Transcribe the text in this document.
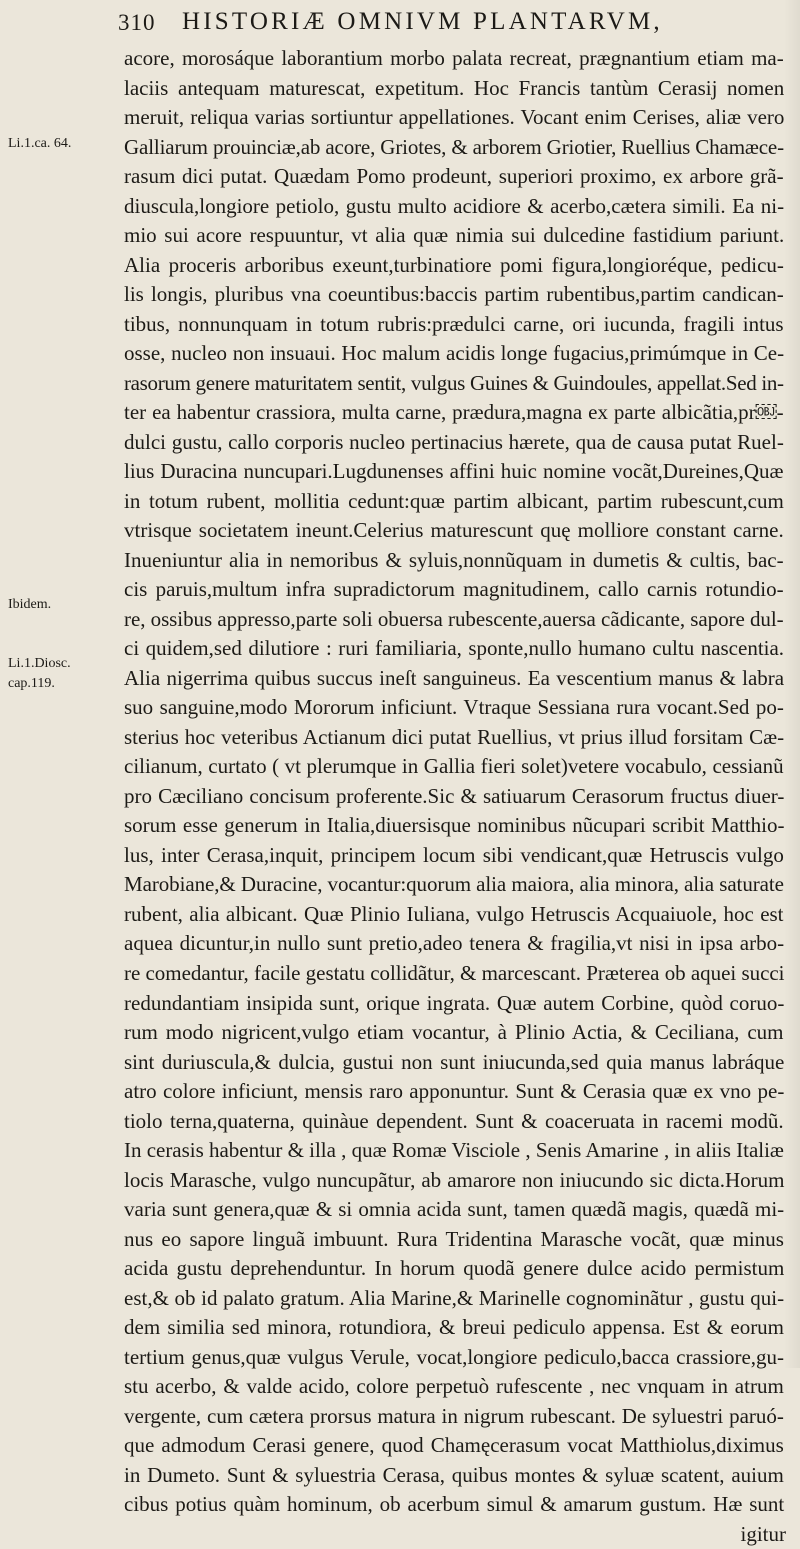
310 HISTORIÆ OMNIVM PLANTARVM,
Li.1.ca. 64.
Ibidem.
Li.1.Diosc.
cap.119.
acore, morosáque laborantium morbo palata recreat, prægnantium etiam ma-
laciis antequam maturescat, expetitum. Hoc Francis tantùm Cerasij nomen
meruit, reliqua varias sortiuntur appellationes. Vocant enim Cerises, aliæ vero
Galliarum prouinciæ,ab acore, Griotes, & arborem Griotier, Ruellius Chamæce-
rasum dici putat. Quædam Pomo prodeunt, superiori proximo, ex arbore grã-
diusculа,longiore petiolo, gustu multo acidiore & acerbo,cætera simili. Ea ni-
mio sui acore respuuntur, vt alia quæ nimia sui dulcedine fastidium pariunt.
Alia proceris arboribus exeunt,turbinatiore pomi figura,longioréque, pedicu-
lis longis, pluribus vna coeuntibus:baccis partim rubentibus,partim candican-
tibus, nonnunquam in totum rubris:prædulci carne, ori iucunda, fragili intus
osse, nucleo non insuaui. Hoc malum acidis longe fugacius,primúmque in Ce-
rasorum genere maturitatem sentit, vulgus Guines & Guindoules, appellat.Sed in-
ter ea habentur crassiora, multa carne, prædura,magna ex parte albicãtia,pr￼-
dulci gustu, callo corporis nucleo pertinacius hærete, qua de causa putat Ruel-
lius Duracina nuncupari.Lugdunenses affini huic nomine vocãt,Dureines,Quæ
in totum rubent, mollitia cedunt:quæ partim albicant, partim rubescunt,cum
vtrisque societatem ineunt.Celerius maturescunt quę molliore constant carne.
Inueniuntur alia in nemoribus & syluis,nonnũquam in dumetis & cultis, bac-
cis paruis,multum infra supradictorum magnitudinem, callo carnis rotundio-
re, ossibus appresso,parte soli obuersa rubescente,auersa cãdicante, sapore dul-
ci quidem,sed dilutiore : ruri familiaria, sponte,nullo humano cultu nascentia.
Alia nigerrima quibus succus ineſt sanguineus. Ea vescentium manus & labra
suo sanguine,modo Mororum inficiunt. Vtraque Sessiana rura vocant.Sed po-
sterius hoc veteribus Actianum dici putat Ruellius, vt prius illud forsitam Cæ-
cilianum, curtato ( vt plerumque in Gallia fieri solet)vetere vocabulo, cessianũ
pro Cæciliano concisum proferente.Sic & satiuarum Cerasorum fructus diuer-
sorum esse generum in Italia,diuersisque nominibus nũcupari scribit Matthio-
lus, inter Cerasa,inquit, principem locum sibi vendicant,quæ Hetruscis vulgo
Marobiane,& Duracine, vocantur:quorum alia maiora, alia minora, alia saturate
rubent, alia albicant. Quæ Plinio Iuliana, vulgo Hetruscis Acquaiuole, hoc est
aquea dicuntur,in nullo sunt pretio,adeo tenera & fragilia,vt nisi in ipsa arbo-
re comedantur, facile gestatu collidãtur, & marcescant. Præterea ob aquei succi
redundantiam insipida sunt, orique ingrata. Quæ autem Corbine, quòd coruo-
rum modo nigricent,vulgo etiam vocantur, à Plinio Actia, & Ceciliana, cum
sint duriusculа,& dulcia, gustui non sunt iniucunda,sed quia manus labráque
atro colore inficiunt, mensis raro apponuntur. Sunt & Cerasia quæ ex vno pe-
tiolo terna,quaterna, quinàue dependent. Sunt & coaceruata in racemi modũ.
In cerasis habentur & illa , quæ Romæ Visciole , Senis Amarine , in aliis Italiæ
locis Marasche, vulgo nuncupãtur, ab amarore non iniucundo sic dicta.Horum
varia sunt genera,quæ & si omnia acida sunt, tamen quædã magis, quædã mi-
nus eo sapore linguã imbuunt. Rura Tridentina Marasche vocãt, quæ minus
acida gustu deprehenduntur. In horum quodã genere dulce acido permistum
est,& ob id palato gratum. Alia Marine,& Marinelle cognominãtur , gustu qui-
dem similia sed minora, rotundiora, & breui pediculo appensa. Est & eorum
tertium genus,quæ vulgus Verule, vocat,longiore pediculo,bacca crassiore,gu-
stu acerbo, & valde acido, colore perpetuò rufescente , nec vnquam in atrum
vergente, cum cætera prorsus matura in nigrum rubescant. De syluestri paruó-
que admodum Cerasi genere, quod Chamęcerasum vocat Matthiolus,diximus
in Dumeto. Sunt & syluestria Cerasa, quibus montes & syluæ scatent, auium
cibus potius quàm hominum, ob acerbum simul & amarum gustum. Hæ sunt
igitur
